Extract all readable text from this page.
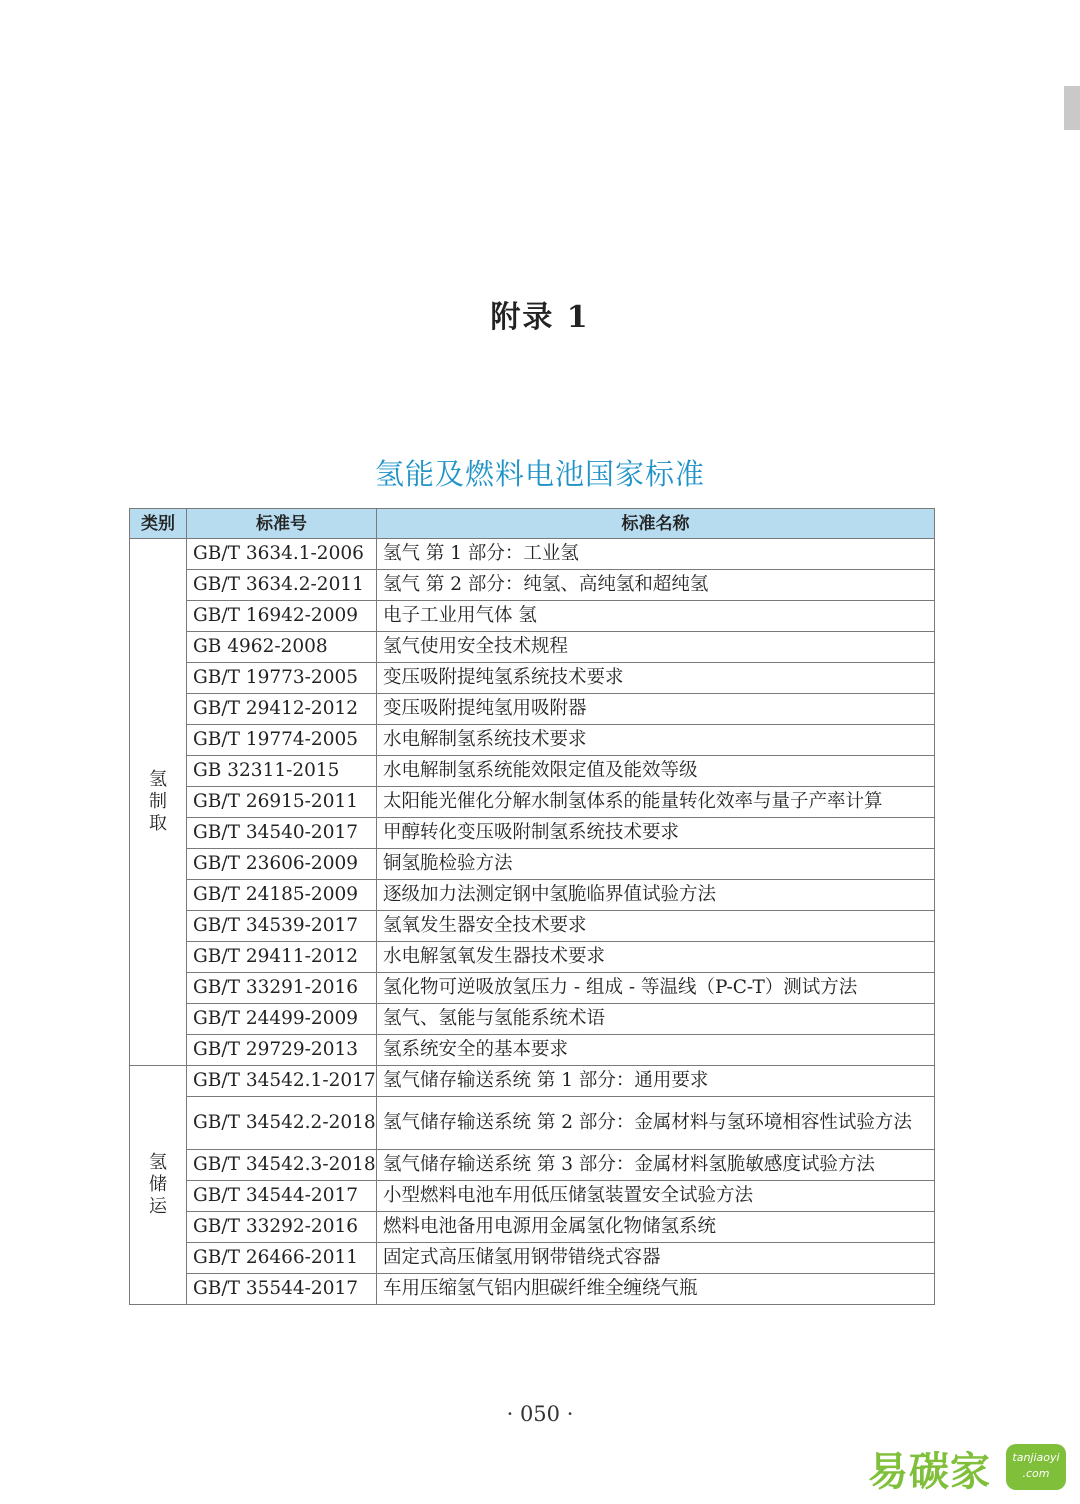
附录 1
氢能及燃料电池国家标准
类别	标准号	标准名称
氢制取	GB/T 3634.1-2006	氢气 第 1 部分：工业氢
	GB/T 3634.2-2011	氢气 第 2 部分：纯氢、高纯氢和超纯氢
	GB/T 16942-2009	电子工业用气体 氢
	GB 4962-2008	氢气使用安全技术规程
	GB/T 19773-2005	变压吸附提纯氢系统技术要求
	GB/T 29412-2012	变压吸附提纯氢用吸附器
	GB/T 19774-2005	水电解制氢系统技术要求
	GB 32311-2015	水电解制氢系统能效限定值及能效等级
	GB/T 26915-2011	太阳能光催化分解水制氢体系的能量转化效率与量子产率计算
	GB/T 34540-2017	甲醇转化变压吸附制氢系统技术要求
	GB/T 23606-2009	铜氢脆检验方法
	GB/T 24185-2009	逐级加力法测定钢中氢脆临界值试验方法
	GB/T 34539-2017	氢氧发生器安全技术要求
	GB/T 29411-2012	水电解氢氧发生器技术要求
	GB/T 33291-2016	氢化物可逆吸放氢压力 - 组成 - 等温线（P-C-T）测试方法
	GB/T 24499-2009	氢气、氢能与氢能系统术语
	GB/T 29729-2013	氢系统安全的基本要求
氢储运	GB/T 34542.1-2017	氢气储存输送系统 第 1 部分：通用要求
	GB/T 34542.2-2018	氢气储存输送系统 第 2 部分：金属材料与氢环境相容性试验方法
	GB/T 34542.3-2018	氢气储存输送系统 第 3 部分：金属材料氢脆敏感度试验方法
	GB/T 34544-2017	小型燃料电池车用低压储氢装置安全试验方法
	GB/T 33292-2016	燃料电池备用电源用金属氢化物储氢系统
	GB/T 26466-2011	固定式高压储氢用钢带错绕式容器
	GB/T 35544-2017	车用压缩氢气铝内胆碳纤维全缠绕气瓶
· 050 ·
易碳家	tanjiaoyi
.com
